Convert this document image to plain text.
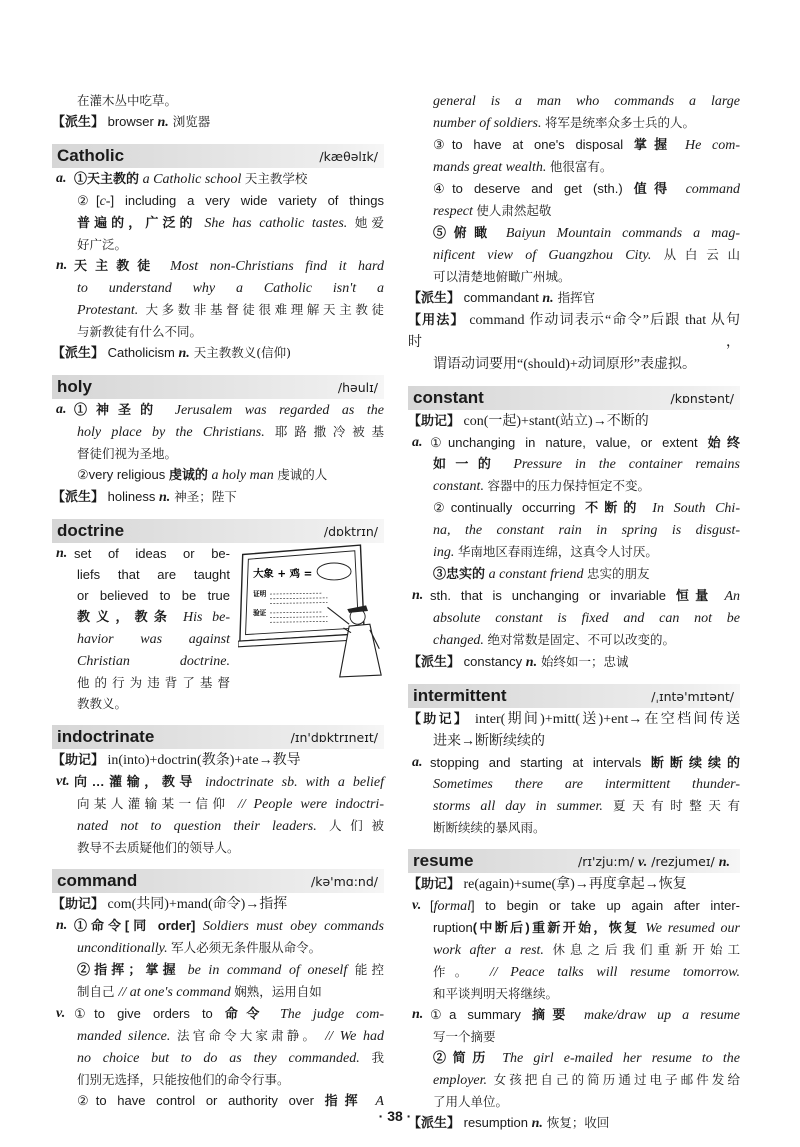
在灌木丛中吃草。
【派生】 browser n. 浏览器
Catholic	/kæθəlɪk/
a. ①天主教的 a Catholic school 天主教学校
②[c-] including a very wide variety of things
普遍的，广泛的 She has catholic tastes. 她爱
好广泛。
n. 天主教徒 Most non-Christians find it hard
to understand why a Catholic isn't a
Protestant. 大多数非基督徒很难理解天主教徒
与新教徒有什么不同。
【派生】 Catholicism n. 天主教教义(信仰)
holy	/həulɪ/
a. ①神圣的 Jerusalem was regarded as the
holy place by the Christians. 耶路撒冷被基
督徒们视为圣地。
②very religious 虔诚的 a holy man 虔诚的人
【派生】 holiness n. 神圣；陛下
doctrine	/dɒktrɪn/
n. set of ideas or be-
liefs that are taught
or believed to be true
教义，教条 His be-
havior was against
Christian doctrine.
他的行为违背了基督
教教义。
大象 + 鸡 =
证明
验证
indoctrinate	/ɪn'dɒktrɪneɪt/
【助记】 in(into)+doctrin(教条)+ate→教导
vt. 向…灌输，教导 indoctrinate sb. with a belief
向某人灌输某一信仰 // People were indoctri-
nated not to question their leaders. 人们被
教导不去质疑他们的领导人。
command	/kə'mɑ:nd/
【助记】 com(共同)+mand(命令)→指挥
n. ①命令[同 order] Soldiers must obey commands
unconditionally. 军人必须无条件服从命令。
②指挥；掌握 be in command of oneself 能控
制自己 // at one's command 娴熟，运用自如
v. ①to give orders to 命令 The judge com-
manded silence. 法官命令大家肃静。 // We had
no choice but to do as they commanded. 我
们别无选择，只能按他们的命令行事。
②to have control or authority over 指挥 A
general is a man who commands a large
number of soldiers. 将军是统率众多士兵的人。
③to have at one's disposal 掌握 He com-
mands great wealth. 他很富有。
④to deserve and get (sth.) 值得 command
respect 使人肃然起敬
⑤俯瞰 Baiyun Mountain commands a mag-
nificent view of Guangzhou City. 从白云山
可以清楚地俯瞰广州城。
【派生】 commandant n. 指挥官
【用法】 command 作动词表示“命令”后跟 that 从句时，
谓语动词要用“(should)+动词原形”表虚拟。
constant	/kɒnstənt/
【助记】 con(一起)+stant(站立)→不断的
a. ①unchanging in nature, value, or extent 始终
如一的 Pressure in the container remains
constant. 容器中的压力保持恒定不变。
②continually occurring 不断的 In South Chi-
na, the constant rain in spring is disgust-
ing. 华南地区春雨连绵，这真令人讨厌。
③忠实的 a constant friend 忠实的朋友
n. sth. that is unchanging or invariable 恒量 An
absolute constant is fixed and can not be
changed. 绝对常数是固定、不可以改变的。
【派生】 constancy n. 始终如一；忠诚
intermittent	/ˌɪntə'mɪtənt/
【助记】 inter(期间)+mitt(送)+ent→在空档间传送
进来→断断续续的
a. stopping and starting at intervals 断断续续的
Sometimes there are intermittent thunder-
storms all day in summer. 夏天有时整天有
断断续续的暴风雨。
resume	/rɪ'zju:m/ v. /rezjumeɪ/ n.
【助记】 re(again)+sume(拿)→再度拿起→恢复
v. [formal] to begin or take up again after inter-
ruption(中断后)重新开始，恢复 We resumed our
work after a rest. 休息之后我们重新开始工
作。 // Peace talks will resume tomorrow.
和平谈判明天将继续。
n. ①a summary 摘要 make/draw up a resume
写一个摘要
②简历 The girl e-mailed her resume to the
employer. 女孩把自己的简历通过电子邮件发给
了用人单位。
【派生】 resumption n. 恢复；收回
· 38 ·
